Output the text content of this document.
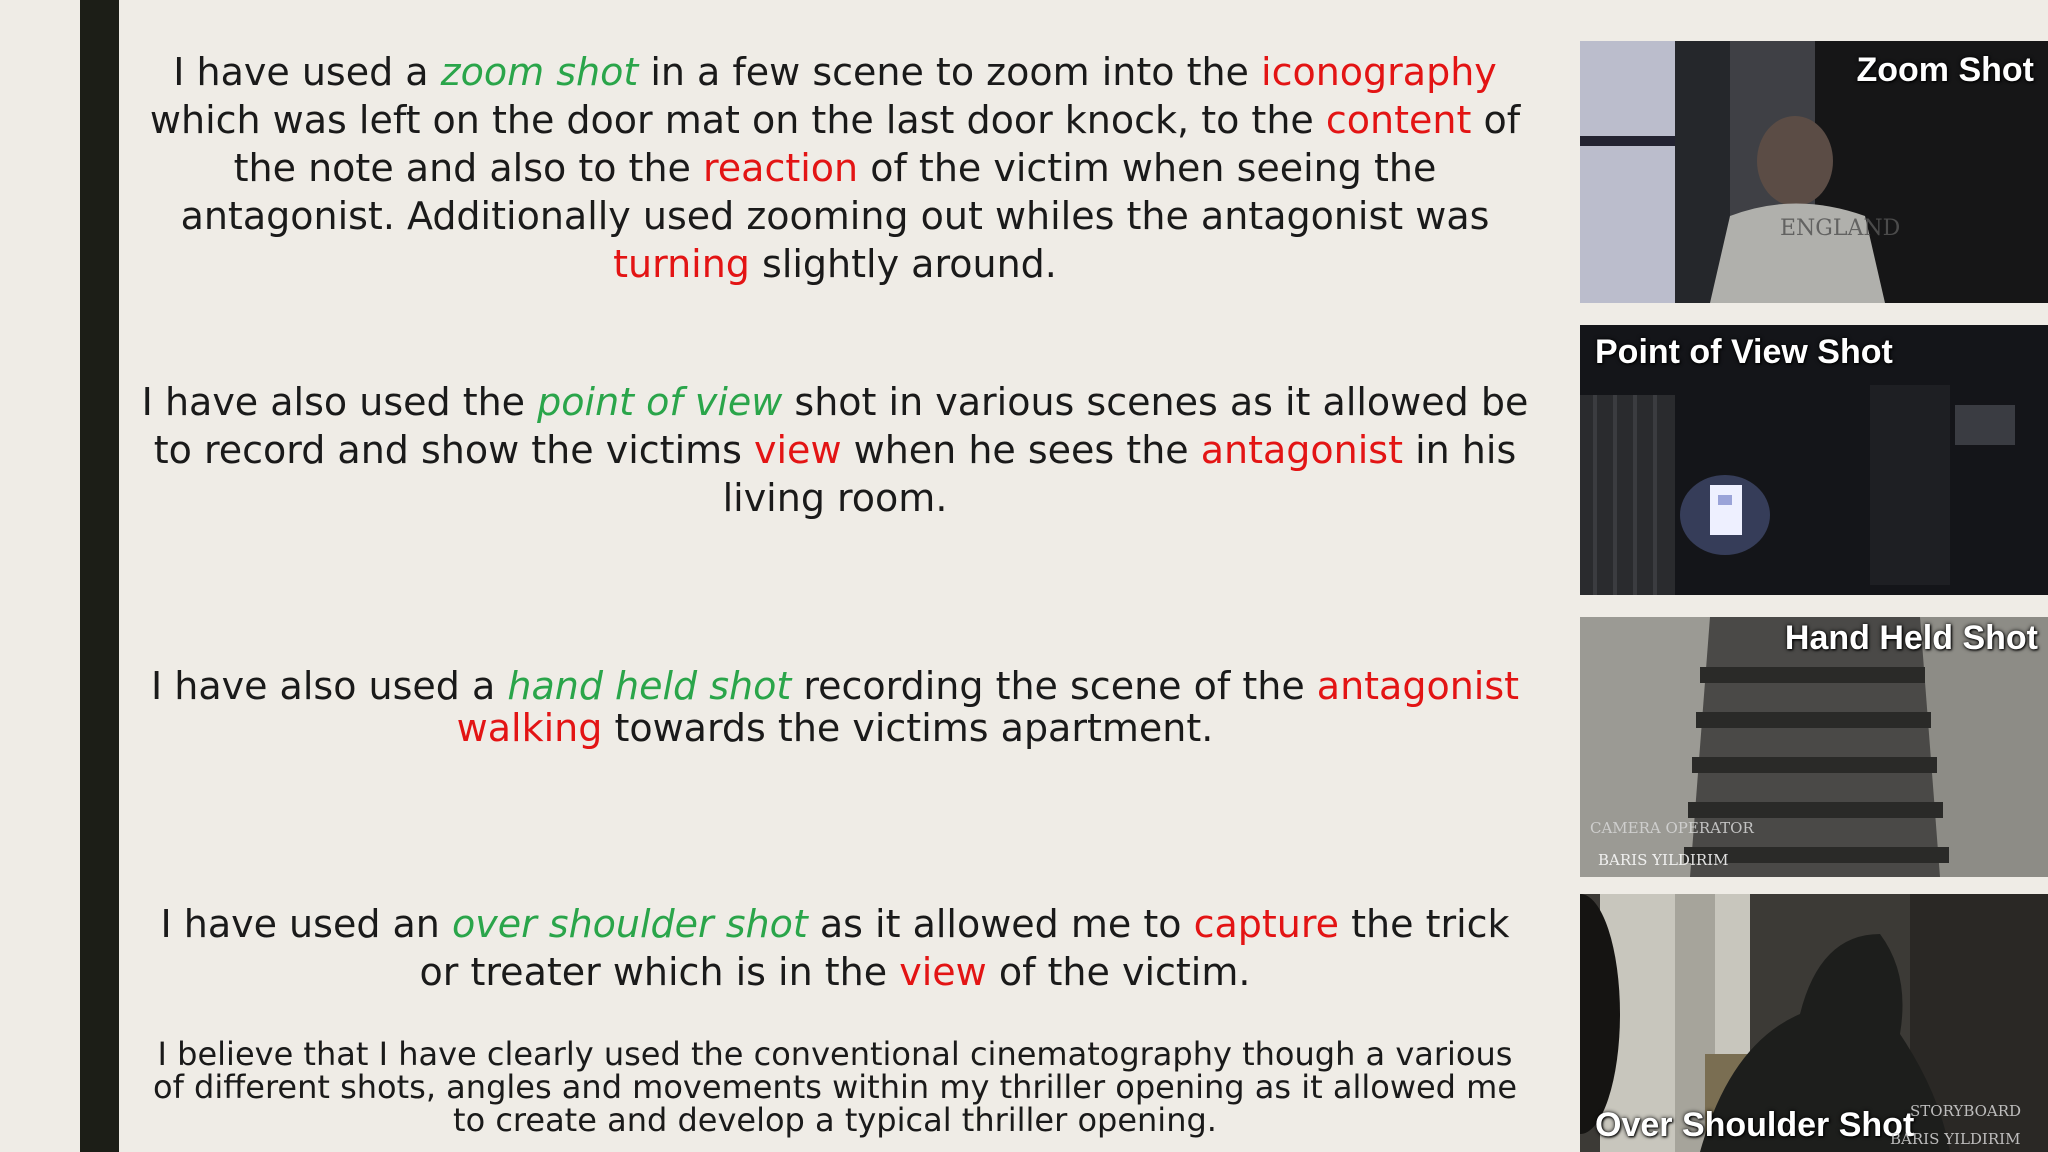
I have used a zoom shot in a few scene to zoom into the iconography which was left on the door mat on the last door knock, to the content of the note and also to the reaction of the victim when seeing the antagonist. Additionally used zooming out whiles the antagonist was turning slightly around.

I have also used the point of view shot in various scenes as it allowed be to record and show the victims view when he sees the antagonist in his living room.

I have also used a hand held shot recording the scene of the antagonist walking towards the victims apartment.

I have used an over shoulder shot as it allowed me to capture the trick or treater which is in the view of the victim.

I believe that I have clearly used the conventional cinematography though a various of different shots, angles and movements within my thriller opening as it allowed me to create and develop a typical thriller opening.

ENGLAND
Zoom Shot
Point of View Shot
Hand Held Shot
CAMERA OPERATOR
BARIS YILDIRIM
Over Shoulder Shot
STORYBOARD
BARIS YILDIRIM
